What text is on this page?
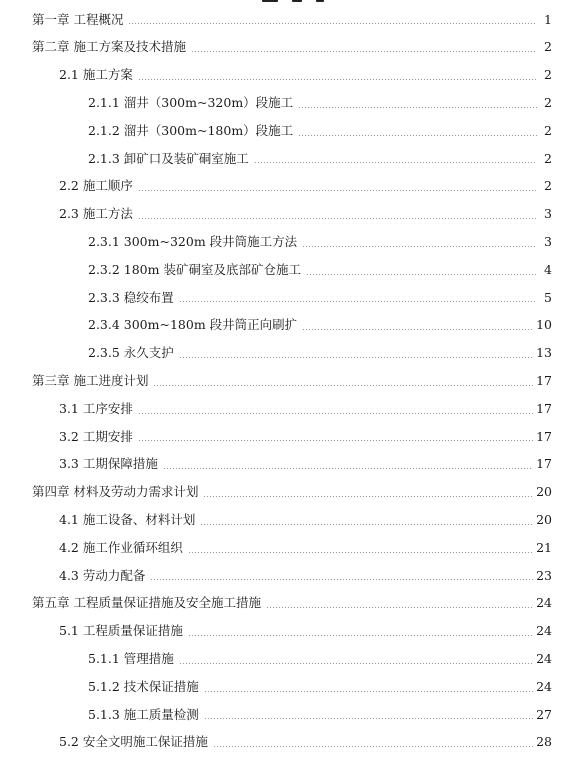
第一章 工程概况	1
第二章 施工方案及技术措施	2
2.1 施工方案	2
2.1.1 溜井（300m~320m）段施工	2
2.1.2 溜井（300m~180m）段施工	2
2.1.3 卸矿口及装矿硐室施工	2
2.2 施工顺序	2
2.3 施工方法	3
2.3.1 300m~320m 段井筒施工方法	3
2.3.2 180m 装矿硐室及底部矿仓施工	4
2.3.3 稳绞布置	5
2.3.4 300m~180m 段井筒正向刷扩	10
2.3.5 永久支护	13
第三章 施工进度计划	17
3.1 工序安排	17
3.2 工期安排	17
3.3 工期保障措施	17
第四章 材料及劳动力需求计划	20
4.1 施工设备、材料计划	20
4.2 施工作业循环组织	21
4.3 劳动力配备	23
第五章 工程质量保证措施及安全施工措施	24
5.1 工程质量保证措施	24
5.1.1 管理措施	24
5.1.2 技术保证措施	24
5.1.3 施工质量检测	27
5.2 安全文明施工保证措施	28
